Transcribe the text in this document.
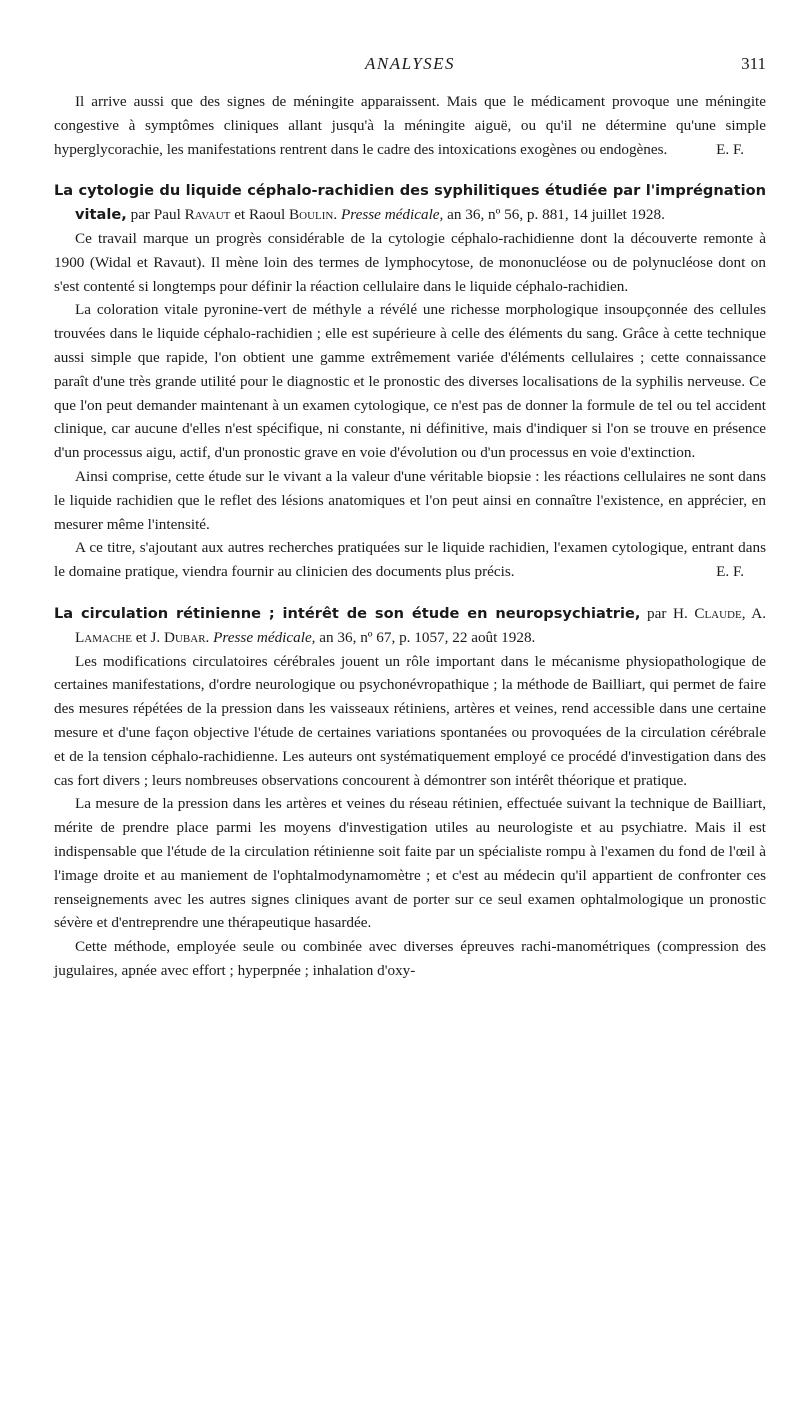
ANALYSES	311

Il arrive aussi que des signes de méningite apparaissent. Mais que le médicament provoque une méningite congestive à symptômes cliniques allant jusqu'à la méningite aiguë, ou qu'il ne détermine qu'une simple hyperglycorachie, les manifestations rentrent dans le cadre des intoxications exogènes ou endogènes.	E. F.

La cytologie du liquide céphalo-rachidien des syphilitiques étudiée par l'imprégnation vitale, par Paul Ravaut et Raoul Boulin. Presse médicale, an 36, nº 56, p. 881, 14 juillet 1928.

Ce travail marque un progrès considérable de la cytologie céphalo-rachidienne dont la découverte remonte à 1900 (Widal et Ravaut). Il mène loin des termes de lymphocytose, de mononucléose ou de polynucléose dont on s'est contenté si longtemps pour définir la réaction cellulaire dans le liquide céphalo-rachidien.

La coloration vitale pyronine-vert de méthyle a révélé une richesse morphologique insoupçonnée des cellules trouvées dans le liquide céphalo-rachidien ; elle est supérieure à celle des éléments du sang. Grâce à cette technique aussi simple que rapide, l'on obtient une gamme extrêmement variée d'éléments cellulaires ; cette connaissance paraît d'une très grande utilité pour le diagnostic et le pronostic des diverses localisations de la syphilis nerveuse. Ce que l'on peut demander maintenant à un examen cytologique, ce n'est pas de donner la formule de tel ou tel accident clinique, car aucune d'elles n'est spécifique, ni constante, ni définitive, mais d'indiquer si l'on se trouve en présence d'un processus aigu, actif, d'un pronostic grave en voie d'évolution ou d'un processus en voie d'extinction.

Ainsi comprise, cette étude sur le vivant a la valeur d'une véritable biopsie : les réactions cellulaires ne sont dans le liquide rachidien que le reflet des lésions anatomiques et l'on peut ainsi en connaître l'existence, en apprécier, en mesurer même l'intensité.

A ce titre, s'ajoutant aux autres recherches pratiquées sur le liquide rachidien, l'examen cytologique, entrant dans le domaine pratique, viendra fournir au clinicien des documents plus précis.	E. F.

La circulation rétinienne ; intérêt de son étude en neuropsychiatrie, par H. Claude, A. Lamache et J. Dubar. Presse médicale, an 36, nº 67, p. 1057, 22 août 1928.

Les modifications circulatoires cérébrales jouent un rôle important dans le mécanisme physiopathologique de certaines manifestations, d'ordre neurologique ou psychonévropathique ; la méthode de Bailliart, qui permet de faire des mesures répétées de la pression dans les vaisseaux rétiniens, artères et veines, rend accessible dans une certaine mesure et d'une façon objective l'étude de certaines variations spontanées ou provoquées de la circulation cérébrale et de la tension céphalo-rachidienne. Les auteurs ont systématiquement employé ce procédé d'investigation dans des cas fort divers ; leurs nombreuses observations concourent à démontrer son intérêt théorique et pratique.

La mesure de la pression dans les artères et veines du réseau rétinien, effectuée suivant la technique de Bailliart, mérite de prendre place parmi les moyens d'investigation utiles au neurologiste et au psychiatre. Mais il est indispensable que l'étude de la circulation rétinienne soit faite par un spécialiste rompu à l'examen du fond de l'œil à l'image droite et au maniement de l'ophtalmodynamomètre ; et c'est au médecin qu'il appartient de confronter ces renseignements avec les autres signes cliniques avant de porter sur ce seul examen ophtalmologique un pronostic sévère et d'entreprendre une thérapeutique hasardée.

Cette méthode, employée seule ou combinée avec diverses épreuves rachi-manométriques (compression des jugulaires, apnée avec effort ; hyperpnée ; inhalation d'oxy-
